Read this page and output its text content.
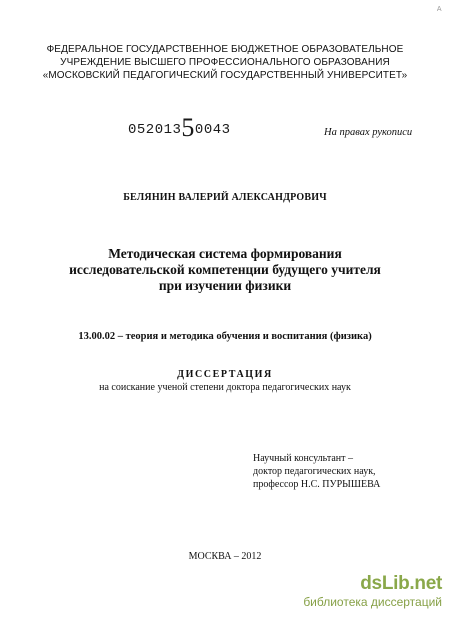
A
ФЕДЕРАЛЬНОЕ ГОСУДАРСТВЕННОЕ БЮДЖЕТНОЕ ОБРАЗОВАТЕЛЬНОЕ
УЧРЕЖДЕНИЕ ВЫСШЕГО ПРОФЕССИОНАЛЬНОГО ОБРАЗОВАНИЯ
«МОСКОВСКИЙ ПЕДАГОГИЧЕСКИЙ ГОСУДАРСТВЕННЫЙ УНИВЕРСИТЕТ»
05201350043	На правах рукописи
БЕЛЯНИН ВАЛЕРИЙ АЛЕКСАНДРОВИЧ
Методическая система формирования
исследовательской компетенции будущего учителя
при изучении физики
13.00.02 – теория и методика обучения и воспитания (физика)
ДИССЕРТАЦИЯ
на соискание ученой степени доктора педагогических наук
Научный консультант –
доктор педагогических наук,
профессор Н.С. ПУРЫШЕВА
МОСКВА – 2012
dsLib.net
библиотека диссертаций
